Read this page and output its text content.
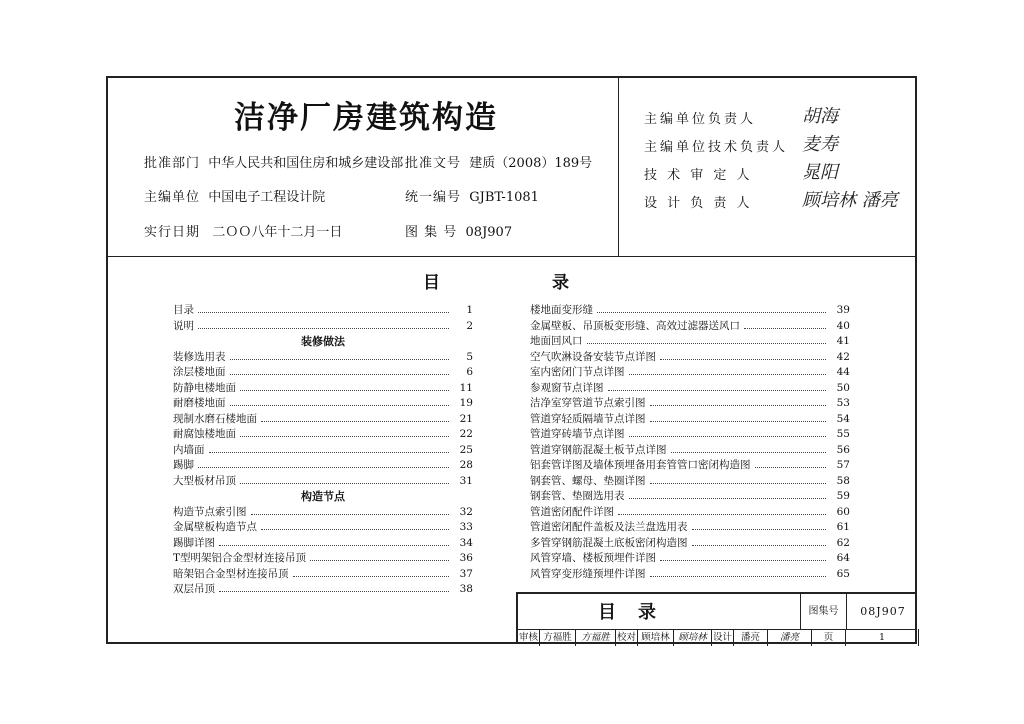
洁净厂房建筑构造
批准部门 中华人民共和国住房和城乡建设部 批准文号 建质（2008）189号
主编单位 中国电子工程设计院	统一编号 GJBT-1081
实行日期 二ＯＯ八年十二月一日	图 集 号 08J907
主编单位负责人	胡海
主编单位技术负责人 麦寿
技 术 审 定 人	晁阳
设 计 负 责 人	顾培林 潘亮
目	录
目录	1
说明	2
装修做法
装修选用表	5
涂层楼地面	6
防静电楼地面	11
耐磨楼地面	19
现制水磨石楼地面	21
耐腐蚀楼地面	22
内墙面	25
踢脚	28
大型板材吊顶	31
构造节点
构造节点索引图	32
金属壁板构造节点	33
踢脚详图	34
T型明架铝合金型材连接吊顶	36
暗架铝合金型材连接吊顶	37
双层吊顶	38
楼地面变形缝	39
金属壁板、吊顶板变形缝、高效过滤器送风口	40
地面回风口	41
空气吹淋设备安装节点详图	42
室内密闭门节点详图	44
参观窗节点详图	50
洁净室穿管道节点索引图	53
管道穿轻质隔墙节点详图	54
管道穿砖墙节点详图	55
管道穿钢筋混凝土板节点详图	56
铝套管详图及墙体预埋备用套管管口密闭构造图	57
钢套管、螺母、垫圈详图	58
钢套管、垫圈选用表	59
管道密闭配件详图	60
管道密闭配件盖板及法兰盘选用表	61
多管穿钢筋混凝土底板密闭构造图	62
风管穿墙、楼板预埋件详图	64
风管穿变形缝预埋件详图	65
目录	图集号	08J907
审核 方福胜 方福胜 校对 顾培林 顾培林 设计 潘亮	潘亮	页	1
